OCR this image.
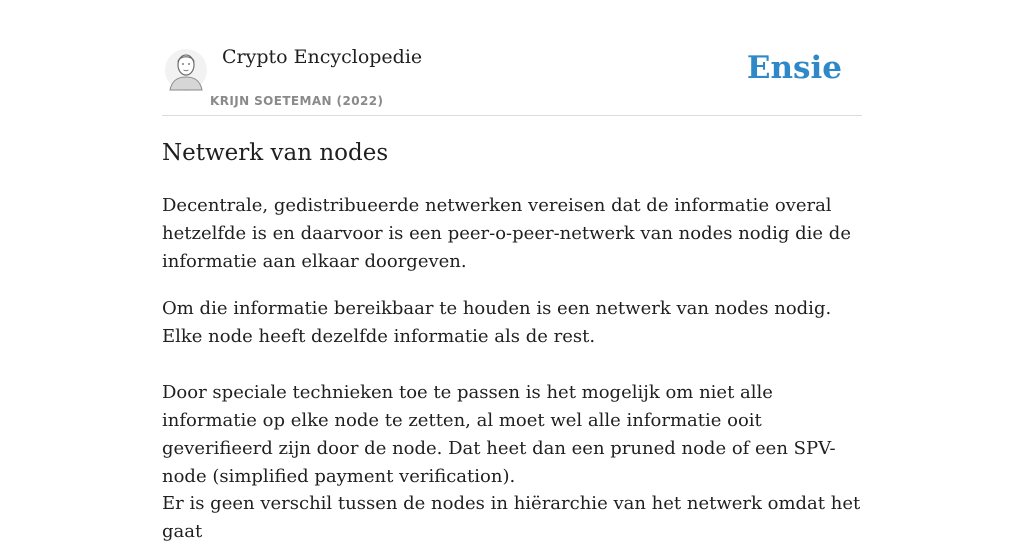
Crypto Encyclopedie
KRIJN SOETEMAN (2022)
Ensie
Netwerk van nodes

Decentrale, gedistribueerde netwerken vereisen dat de informatie overal hetzelfde is en daarvoor is een peer-o-peer-netwerk van nodes nodig die de informatie aan elkaar doorgeven.

Om die informatie bereikbaar te houden is een netwerk van nodes nodig. Elke node heeft dezelfde informatie als de rest.

Door speciale technieken toe te passen is het mogelijk om niet alle informatie op elke node te zetten, al moet wel alle informatie ooit geverifieerd zijn door de node. Dat heet dan een pruned node of een SPV-node (simplified payment verification).

Er is geen verschil tussen de nodes in hiërarchie van het netwerk omdat het gaat
